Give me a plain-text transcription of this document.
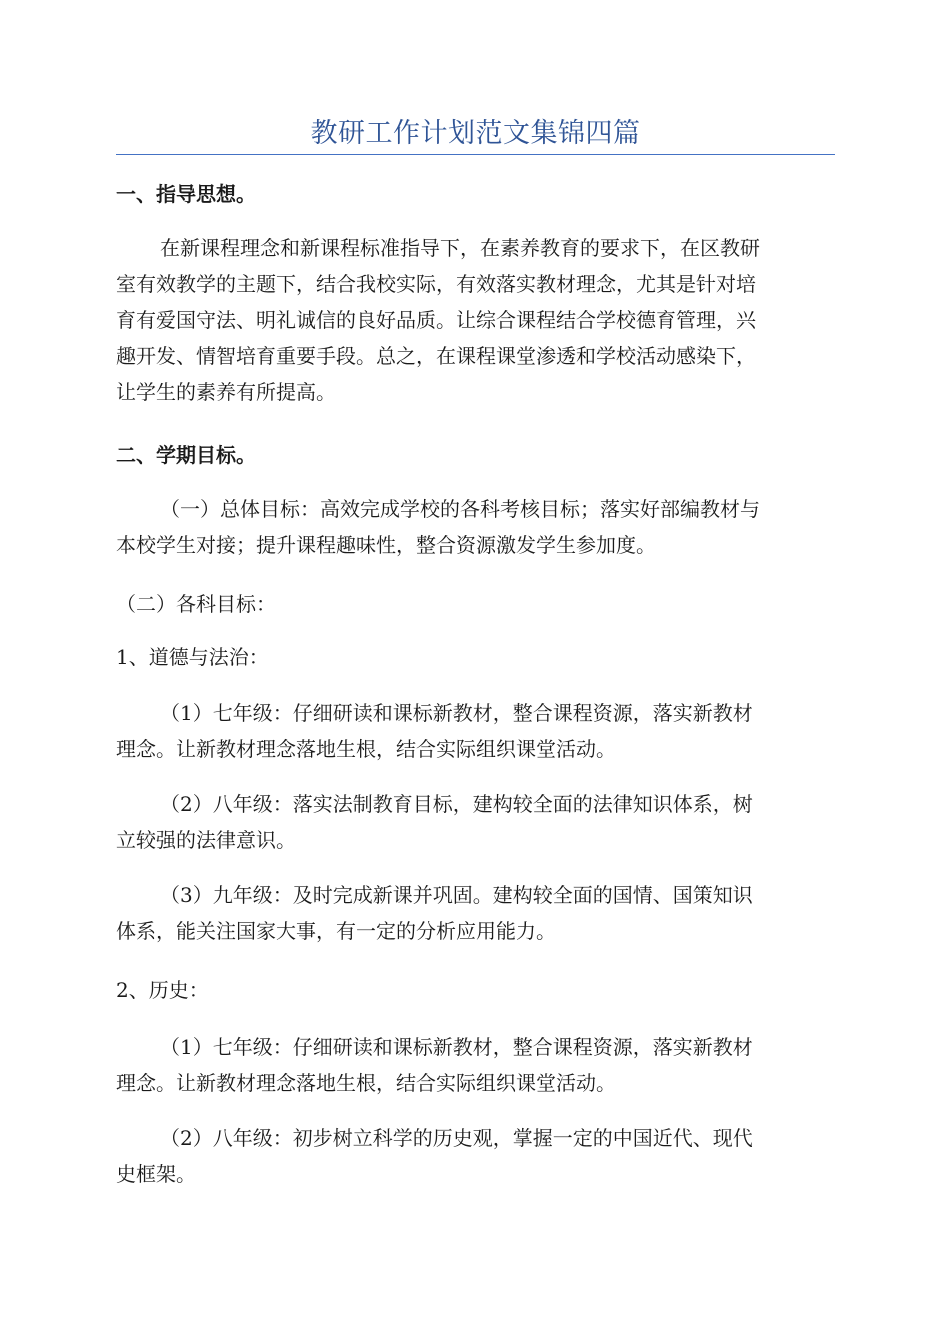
教研工作计划范文集锦四篇
一、指导思想。
在新课程理念和新课程标准指导下，在素养教育的要求下，在区教研
室有效教学的主题下，结合我校实际，有效落实教材理念，尤其是针对培
育有爱国守法、明礼诚信的良好品质。让综合课程结合学校德育管理，兴
趣开发、情智培育重要手段。总之，在课程课堂渗透和学校活动感染下，
让学生的素养有所提高。
二、学期目标。
（一）总体目标：高效完成学校的各科考核目标；落实好部编教材与
本校学生对接；提升课程趣味性，整合资源激发学生参加度。
（二）各科目标：
1、道德与法治：
（1）七年级：仔细研读和课标新教材，整合课程资源，落实新教材
理念。让新教材理念落地生根，结合实际组织课堂活动。
（2）八年级：落实法制教育目标，建构较全面的法律知识体系，树
立较强的法律意识。
（3）九年级：及时完成新课并巩固。建构较全面的国情、国策知识
体系，能关注国家大事，有一定的分析应用能力。
2、历史：
（1）七年级：仔细研读和课标新教材，整合课程资源，落实新教材
理念。让新教材理念落地生根，结合实际组织课堂活动。
（2）八年级：初步树立科学的历史观，掌握一定的中国近代、现代
史框架。
